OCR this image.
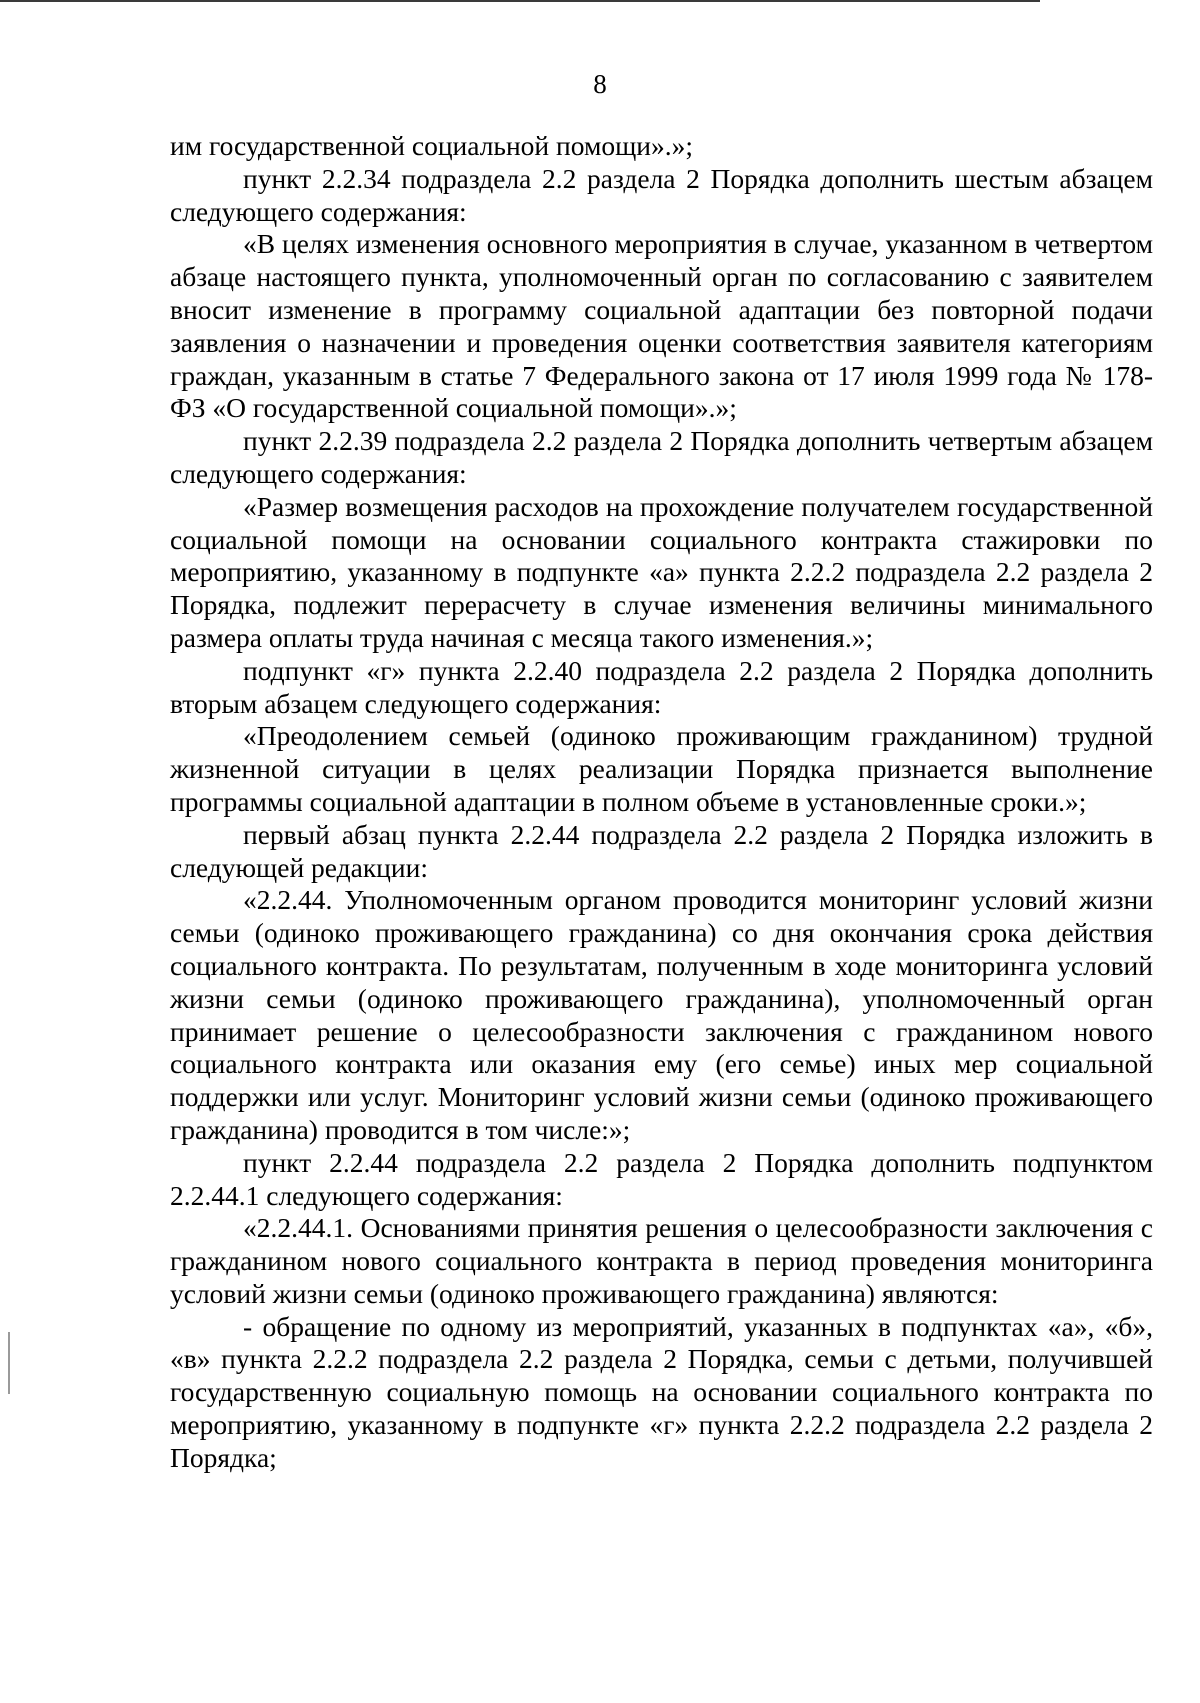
8

им государственной социальной помощи».»;

пункт 2.2.34 подраздела 2.2 раздела 2 Порядка дополнить шестым абзацем следующего содержания:

«В целях изменения основного мероприятия в случае, указанном в четвертом абзаце настоящего пункта, уполномоченный орган по согласованию с заявителем вносит изменение в программу социальной адаптации без повторной подачи заявления о назначении и проведения оценки соответствия заявителя категориям граждан, указанным в статье 7 Федерального закона от 17 июля 1999 года № 178-ФЗ «О государственной социальной помощи».»;

пункт 2.2.39 подраздела 2.2 раздела 2 Порядка дополнить четвертым абзацем следующего содержания:

«Размер возмещения расходов на прохождение получателем государственной социальной помощи на основании социального контракта стажировки по мероприятию, указанному в подпункте «а» пункта 2.2.2 подраздела 2.2 раздела 2 Порядка, подлежит перерасчету в случае изменения величины минимального размера оплаты труда начиная с месяца такого изменения.»;

подпункт «г» пункта 2.2.40 подраздела 2.2 раздела 2 Порядка дополнить вторым абзацем следующего содержания:

«Преодолением семьей (одиноко проживающим гражданином) трудной жизненной ситуации в целях реализации Порядка признается выполнение программы социальной адаптации в полном объеме в установленные сроки.»;

первый абзац пункта 2.2.44 подраздела 2.2 раздела 2 Порядка изложить в следующей редакции:

«2.2.44. Уполномоченным органом проводится мониторинг условий жизни семьи (одиноко проживающего гражданина) со дня окончания срока действия социального контракта. По результатам, полученным в ходе мониторинга условий жизни семьи (одиноко проживающего гражданина), уполномоченный орган принимает решение о целесообразности заключения с гражданином нового социального контракта или оказания ему (его семье) иных мер социальной поддержки или услуг. Мониторинг условий жизни семьи (одиноко проживающего гражданина) проводится в том числе:»;

пункт 2.2.44 подраздела 2.2 раздела 2 Порядка дополнить подпунктом 2.2.44.1 следующего содержания:

«2.2.44.1. Основаниями принятия решения о целесообразности заключения с гражданином нового социального контракта в период проведения мониторинга условий жизни семьи (одиноко проживающего гражданина) являются:

- обращение по одному из мероприятий, указанных в подпунктах «а», «б», «в» пункта 2.2.2 подраздела 2.2 раздела 2 Порядка, семьи с детьми, получившей государственную социальную помощь на основании социального контракта по мероприятию, указанному в подпункте «г» пункта 2.2.2 подраздела 2.2 раздела 2 Порядка;
